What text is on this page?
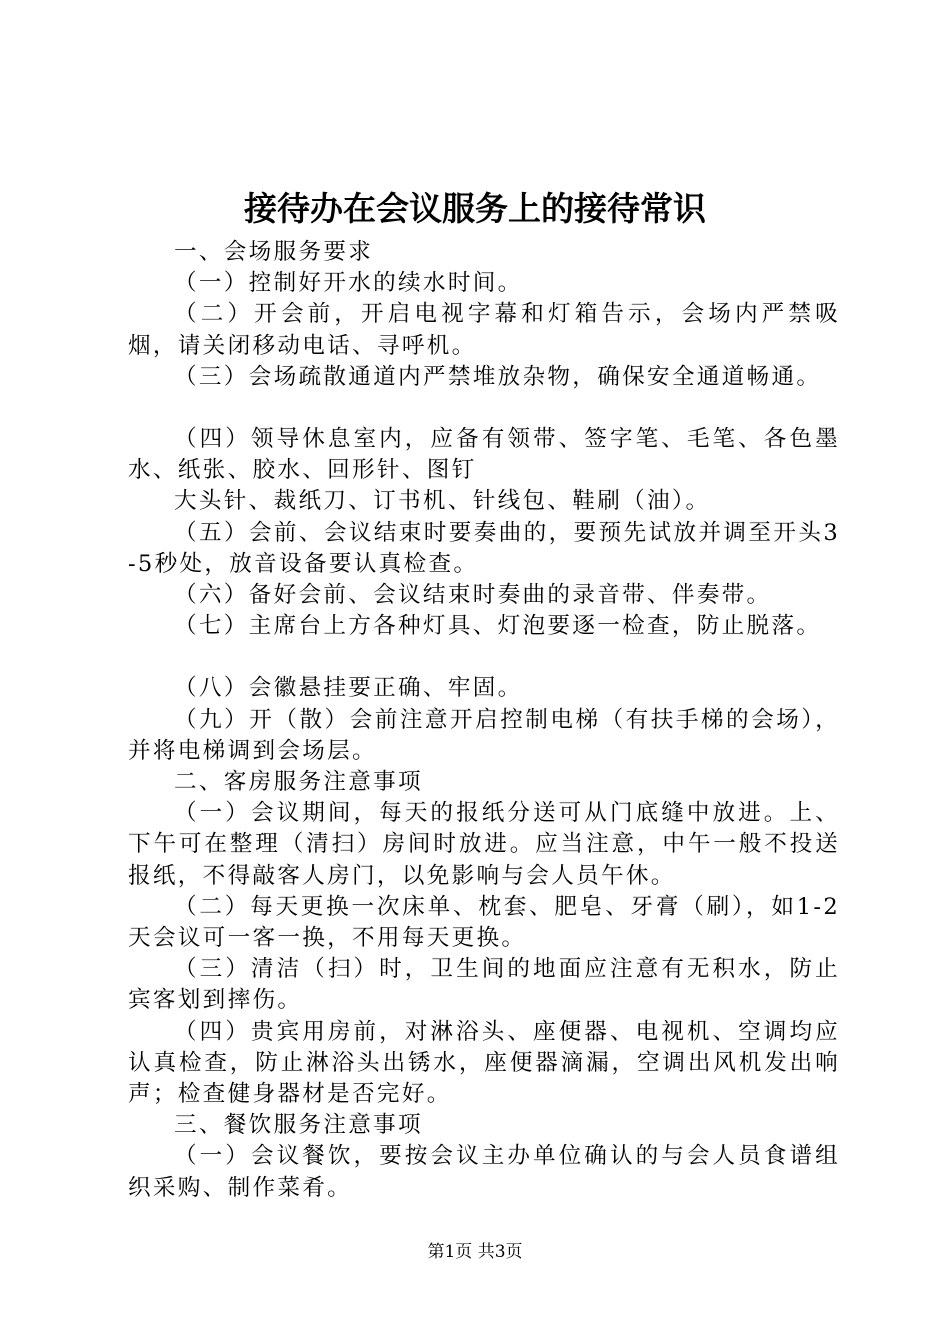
接待办在会议服务上的接待常识

一、会场服务要求

（一）控制好开水的续水时间。

（二）开会前，开启电视字幕和灯箱告示，会场内严禁吸烟，请关闭移动电话、寻呼机。

（三）会场疏散通道内严禁堆放杂物，确保安全通道畅通。

（四）领导休息室内，应备有领带、签字笔、毛笔、各色墨水、纸张、胶水、回形针、图钉

大头针、裁纸刀、订书机、针线包、鞋刷（油）。

（五）会前、会议结束时要奏曲的，要预先试放并调至开头3-5秒处，放音设备要认真检查。

（六）备好会前、会议结束时奏曲的录音带、伴奏带。

（七）主席台上方各种灯具、灯泡要逐一检查，防止脱落。

（八）会徽悬挂要正确、牢固。

（九）开（散）会前注意开启控制电梯（有扶手梯的会场），并将电梯调到会场层。

二、客房服务注意事项

（一）会议期间，每天的报纸分送可从门底缝中放进。上、下午可在整理（清扫）房间时放进。应当注意，中午一般不投送报纸，不得敲客人房门，以免影响与会人员午休。

（二）每天更换一次床单、枕套、肥皂、牙膏（刷），如1-2天会议可一客一换，不用每天更换。

（三）清洁（扫）时，卫生间的地面应注意有无积水，防止宾客划到摔伤。

（四）贵宾用房前，对淋浴头、座便器、电视机、空调均应认真检查，防止淋浴头出锈水，座便器滴漏，空调出风机发出响声；检查健身器材是否完好。

三、餐饮服务注意事项

（一）会议餐饮，要按会议主办单位确认的与会人员食谱组织采购、制作菜肴。

第1页 共3页
